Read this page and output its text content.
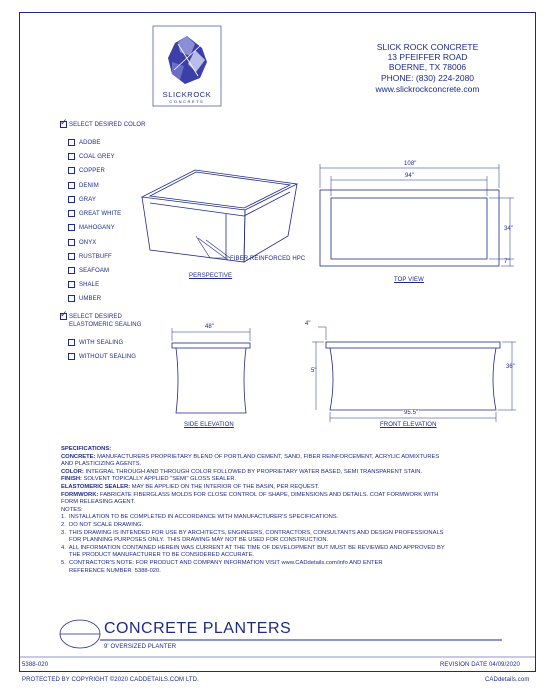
SLICKROCK
CONCRETE
SLICK ROCK CONCRETE
13 PFEIFFER ROAD
BOERNE, TX 78006
PHONE: (830) 224-2080
www.slickrockconcrete.com
✓ SELECT DESIRED COLOR
ADOBE
COAL GREY
COPPER
DENIM
GRAY
GREAT WHITE
MAHOGANY
ONYX
RUSTBUFF
SEAFOAM
SHALE
UMBER
✓ SELECT DESIRED
ELASTOMERIC SEALING
WITH SEALING
WITHOUT SEALING
PERSPECTIVE
FIBER REINFORCED HPC
TOP VIEW
SIDE ELEVATION	FRONT ELEVATION
108"
94"
34"
7"
48"	4"
5"
36"
95.5"

SPECIFICATIONS:

CONCRETE: MANUFACTURERS PROPRIETARY BLEND OF PORTLAND CEMENT, SAND, FIBER REINFORCEMENT, ACRYLIC ADMIXTURES

AND PLASTICIZING AGENTS.

COLOR: INTEGRAL THROUGH AND THROUGH COLOR FOLLOWED BY PROPRIETARY WATER BASED, SEMI TRANSPARENT STAIN.

FINISH: SOLVENT TOPICALLY APPLIED "SEMI" GLOSS SEALER.

ELASTOMERIC SEALER: MAY BE APPLIED ON THE INTERIOR OF THE BASIN, PER REQUEST.

FORMWORK: FABRICATE FIBERGLASS MOLDS FOR CLOSE CONTROL OF SHAPE, DIMENSIONS AND DETAILS. COAT FORMWORK WITH

FORM RELEASING AGENT.

NOTES:

1.  INSTALLATION TO BE COMPLETED IN ACCORDANCE WITH MANUFACTURER'S SPECIFICATIONS.

2.  DO NOT SCALE DRAWING.

3.  THIS DRAWING IS INTENDED FOR USE BY ARCHITECTS, ENGINEERS, CONTRACTORS, CONSULTANTS AND DESIGN PROFESSIONALS

FOR PLANNING PURPOSES ONLY.  THIS DRAWING MAY NOT BE USED FOR CONSTRUCTION.

4.  ALL INFORMATION CONTAINED HEREIN WAS CURRENT AT THE TIME OF DEVELOPMENT BUT MUST BE REVIEWED AND APPROVED BY

THE PRODUCT MANUFACTURER TO BE CONSIDERED ACCURATE.

5.  CONTRACTOR'S NOTE: FOR PRODUCT AND COMPANY INFORMATION VISIT www.CADdetails.com/info AND ENTER

REFERENCE NUMBER  5388-020.

CONCRETE PLANTERS
9' OVERSIZED PLANTER
5388-020	REVISION DATE 04/09/2020
PROTECTED BY COPYRIGHT ©2020 CADDETAILS.COM LTD.	CADdetails.com
